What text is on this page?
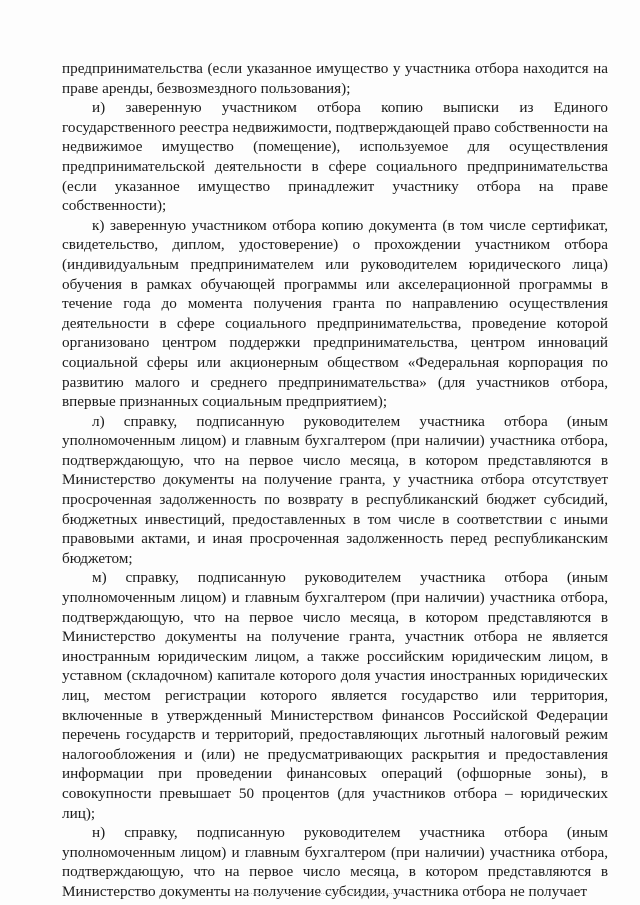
предпринимательства (если указанное имущество у участника отбора находится на праве аренды, безвозмездного пользования);

и) заверенную участником отбора копию выписки из Единого государственного реестра недвижимости, подтверждающей право собственности на недвижимое имущество (помещение), используемое для осуществления предпринимательской деятельности в сфере социального предпринимательства (если указанное имущество принадлежит участнику отбора на праве собственности);

к) заверенную участником отбора копию документа (в том числе сертификат, свидетельство, диплом, удостоверение) о прохождении участником отбора (индивидуальным предпринимателем или руководителем юридического лица) обучения в рамках обучающей программы или акселерационной программы в течение года до момента получения гранта по направлению осуществления деятельности в сфере социального предпринимательства, проведение которой организовано центром поддержки предпринимательства, центром инноваций социальной сферы или акционерным обществом «Федеральная корпорация по развитию малого и среднего предпринимательства» (для участников отбора, впервые признанных социальным предприятием);

л) справку, подписанную руководителем участника отбора (иным уполномоченным лицом) и главным бухгалтером (при наличии) участника отбора, подтверждающую, что на первое число месяца, в котором представляются в Министерство документы на получение гранта, у участника отбора отсутствует просроченная задолженность по возврату в республиканский бюджет субсидий, бюджетных инвестиций, предоставленных в том числе в соответствии с иными правовыми актами, и иная просроченная задолженность перед республиканским бюджетом;

м) справку, подписанную руководителем участника отбора (иным уполномоченным лицом) и главным бухгалтером (при наличии) участника отбора, подтверждающую, что на первое число месяца, в котором представляются в Министерство документы на получение гранта, участник отбора не является иностранным юридическим лицом, а также российским юридическим лицом, в уставном (складочном) капитале которого доля участия иностранных юридических лиц, местом регистрации которого является государство или территория, включенные в утвержденный Министерством финансов Российской Федерации перечень государств и территорий, предоставляющих льготный налоговый режим налогообложения и (или) не предусматривающих раскрытия и предоставления информации при проведении финансовых операций (офшорные зоны), в совокупности превышает 50 процентов (для участников отбора – юридических лиц);

н) справку, подписанную руководителем участника отбора (иным уполномоченным лицом) и главным бухгалтером (при наличии) участника отбора, подтверждающую, что на первое число месяца, в котором представляются в Министерство документы на получение субсидии, участника отбора не получает
